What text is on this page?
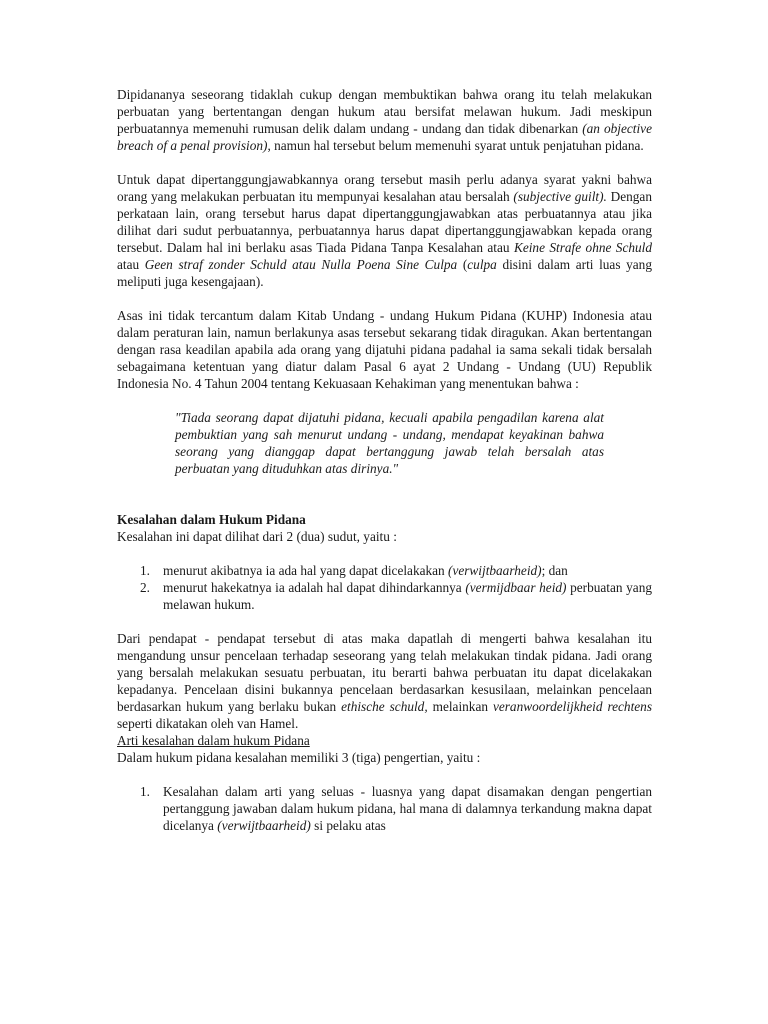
Dipidananya seseorang tidaklah cukup dengan membuktikan bahwa orang itu telah melakukan perbuatan yang bertentangan dengan hukum atau bersifat melawan hukum. Jadi meskipun perbuatannya memenuhi rumusan delik dalam undang - undang dan tidak dibenarkan (an objective breach of a penal provision), namun hal tersebut belum memenuhi syarat untuk penjatuhan pidana.

Untuk dapat dipertanggungjawabkannya orang tersebut masih perlu adanya syarat yakni bahwa orang yang melakukan perbuatan itu mempunyai kesalahan atau bersalah (subjective guilt). Dengan perkataan lain, orang tersebut harus dapat dipertanggungjawabkan atas perbuatannya atau jika dilihat dari sudut perbuatannya, perbuatannya harus dapat dipertanggungjawabkan kepada orang tersebut. Dalam hal ini berlaku asas Tiada Pidana Tanpa Kesalahan atau Keine Strafe ohne Schuld atau Geen straf zonder Schuld atau Nulla Poena Sine Culpa (culpa disini dalam arti luas yang meliputi juga kesengajaan).

Asas ini tidak tercantum dalam Kitab Undang - undang Hukum Pidana (KUHP) Indonesia atau dalam peraturan lain, namun berlakunya asas tersebut sekarang tidak diragukan. Akan bertentangan dengan rasa keadilan apabila ada orang yang dijatuhi pidana padahal ia sama sekali tidak bersalah sebagaimana ketentuan yang diatur dalam Pasal 6 ayat 2 Undang - Undang (UU) Republik Indonesia No. 4 Tahun 2004 tentang Kekuasaan Kehakiman yang menentukan bahwa :

"Tiada seorang dapat dijatuhi pidana, kecuali apabila pengadilan karena alat pembuktian yang sah menurut undang - undang, mendapat keyakinan bahwa seorang yang dianggap dapat bertanggung jawab telah bersalah atas perbuatan yang dituduhkan atas dirinya."

Kesalahan dalam Hukum Pidana

Kesalahan ini dapat dilihat dari 2 (dua) sudut, yaitu :

1. menurut akibatnya ia ada hal yang dapat dicelakakan (verwijtbaarheid); dan
2. menurut hakekatnya ia adalah hal dapat dihindarkannya (vermijdbaar heid) perbuatan yang melawan hukum.

Dari pendapat - pendapat tersebut di atas maka dapatlah di mengerti bahwa kesalahan itu mengandung unsur pencelaan terhadap seseorang yang telah melakukan tindak pidana. Jadi orang yang bersalah melakukan sesuatu perbuatan, itu berarti bahwa perbuatan itu dapat dicelakakan kepadanya. Pencelaan disini bukannya pencelaan berdasarkan kesusilaan, melainkan pencelaan berdasarkan hukum yang berlaku bukan ethische schuld, melainkan veranwoordelijkheid rechtens seperti dikatakan oleh van Hamel.

Arti kesalahan dalam hukum Pidana

Dalam hukum pidana kesalahan memiliki 3 (tiga) pengertian, yaitu :

1. Kesalahan dalam arti yang seluas - luasnya yang dapat disamakan dengan pengertian pertanggung jawaban dalam hukum pidana, hal mana di dalamnya terkandung makna dapat dicelanya (verwijtbaarheid) si pelaku atas
